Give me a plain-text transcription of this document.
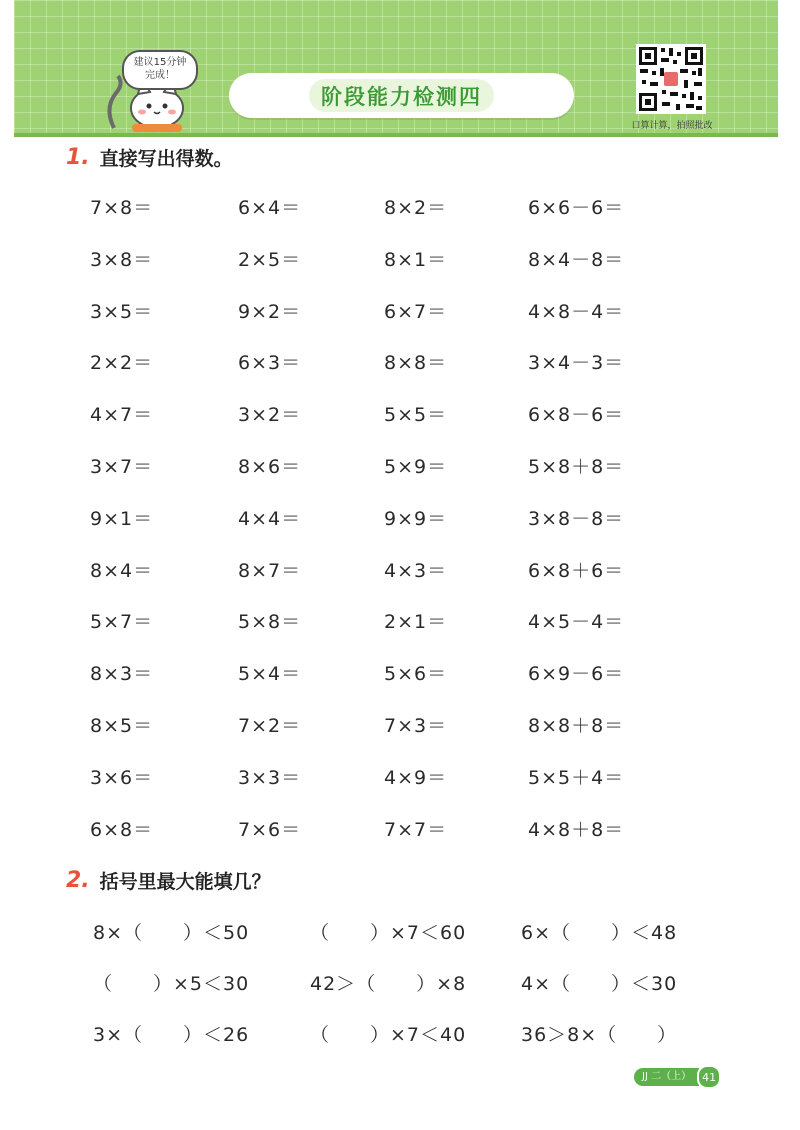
建议15分钟
完成！
阶段能力检测四
口算计算，拍照批改
1. 直接写出得数。
7×8＝
3×8＝
3×5＝
2×2＝
4×7＝
3×7＝
9×1＝
8×4＝
5×7＝
8×3＝
8×5＝
3×6＝
6×8＝
6×4＝
2×5＝
9×2＝
6×3＝
3×2＝
8×6＝
4×4＝
8×7＝
5×8＝
5×4＝
7×2＝
3×3＝
7×6＝
8×2＝
8×1＝
6×7＝
8×8＝
5×5＝
5×9＝
9×9＝
4×3＝
2×1＝
5×6＝
7×3＝
4×9＝
7×7＝
6×6－6＝
8×4－8＝
4×8－4＝
3×4－3＝
6×8－6＝
5×8＋8＝
3×8－8＝
6×8＋6＝
4×5－4＝
6×9－6＝
8×8＋8＝
5×5＋4＝
4×8＋8＝
2. 括号里最大能填几？
8×（　　）＜50
（　　）×5＜30
3×（　　）＜26
（　　）×7＜60
42＞（　　）×8
（　　）×7＜40
6×（　　）＜48
4×（　　）＜30
36＞8×（　　）
JJ 二（上）	41
